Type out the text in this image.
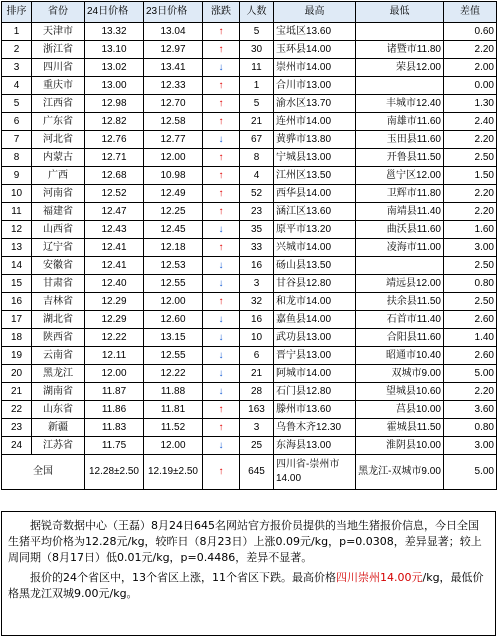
排序	省份	24日价格	23日价格	涨跌	人数	最高	最低	差值
1	天津市	13.32	13.04	↑	5	宝坻区13.60		0.60
2	浙江省	13.10	12.97	↑	30	玉环县14.00	诸暨市11.80	2.20
3	四川省	13.02	13.41	↓	11	崇州市14.00	荣县12.00	2.00
4	重庆市	13.00	12.33	↑	1	合川市13.00		0.00
5	江西省	12.98	12.70	↑	5	渝水区13.70	丰城市12.40	1.30
6	广东省	12.82	12.58	↑	21	连州市14.00	南雄市11.60	2.40
7	河北省	12.76	12.77	↓	67	黄骅市13.80	玉田县11.60	2.20
8	内蒙古	12.71	12.00	↑	8	宁城县13.00	开鲁县11.50	2.50
9	广西	12.68	10.98	↑	4	江州区13.50	邕宁区12.00	1.50
10	河南省	12.52	12.49	↑	52	西华县14.00	卫辉市11.80	2.20
11	福建省	12.47	12.25	↑	23	涵江区13.60	南靖县11.40	2.20
12	山西省	12.43	12.45	↓	35	原平市13.20	曲沃县11.60	1.60
13	辽宁省	12.41	12.18	↑	33	兴城市14.00	凌海市11.00	3.00
14	安徽省	12.41	12.53	↓	16	砀山县13.50		2.50
15	甘肃省	12.40	12.55	↓	3	甘谷县12.80	靖远县12.00	0.80
16	吉林省	12.29	12.00	↑	32	和龙市14.00	扶余县11.50	2.50
17	湖北省	12.29	12.60	↓	16	嘉鱼县14.00	石首市11.40	2.60
18	陕西省	12.22	13.15	↓	10	武功县13.00	合阳县11.60	1.40
19	云南省	12.11	12.55	↓	6	晋宁县13.00	昭通市10.40	2.60
20	黑龙江	12.00	12.22	↓	21	阿城市14.00	双城市9.00	5.00
21	湖南省	11.87	11.88	↓	28	石门县12.80	望城县10.60	2.20
22	山东省	11.86	11.81	↑	163	滕州市13.60	莒县10.00	3.60
23	新疆	11.83	11.52	↑	3	乌鲁木齐12.30	霍城县11.50	0.80
24	江苏省	11.75	12.00	↓	25	东海县13.00	淮阴县10.00	3.00
全国		12.28±2.50	12.19±2.50	↑	645	四川省-崇州市14.00	黑龙江-双城市9.00	5.00

据锐奇数据中心（王磊）8月24日645名网站官方报价员提供的当地生猪报价信息，今日全国生猪平均价格为12.28元/kg，较昨日（8月23日）上涨0.09元/kg，p=0.0308，差异显著；较上周同期（8月17日）低0.01元/kg，p=0.4486，差异不显著。

报价的24个省区中，13个省区上涨，11个省区下跌。最高价格四川崇州14.00元/kg，最低价格黑龙江双城9.00元/kg。
